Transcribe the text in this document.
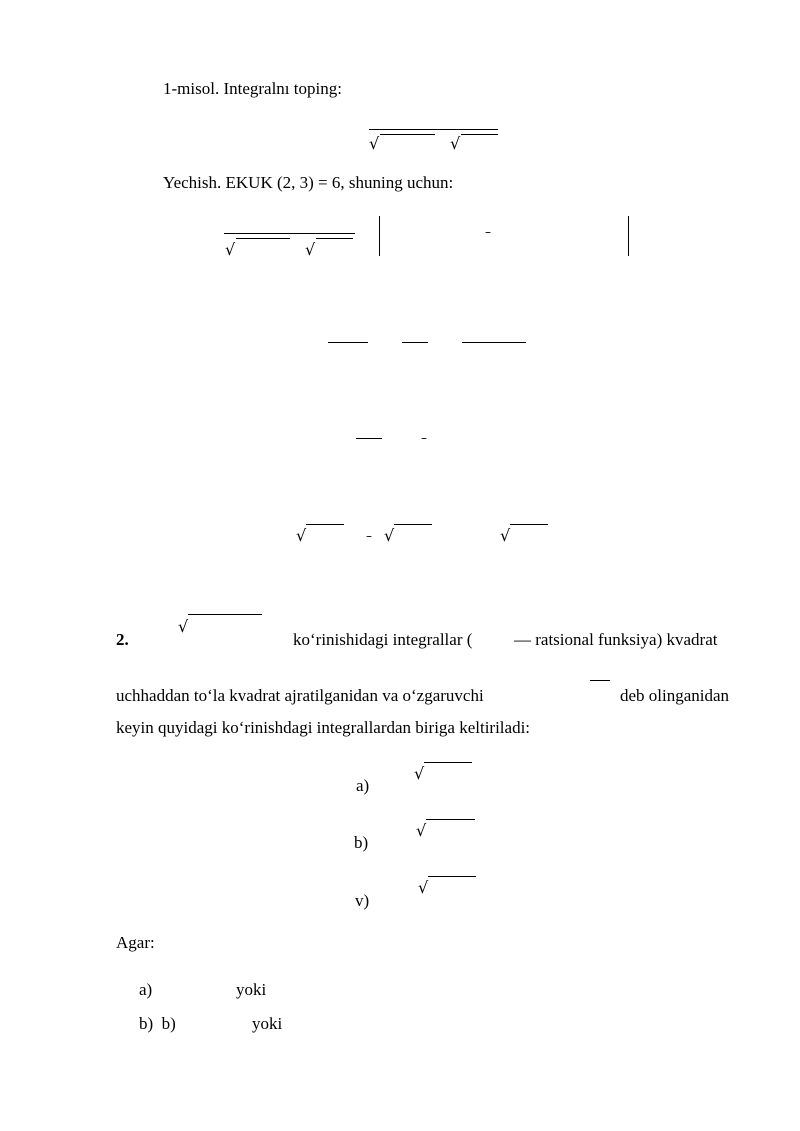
1-misol. Integralnı toping:
√	√
Yechish. EKUK (2, 3) = 6, shuning uchun:
√	√
–
–
√	– √	√
2.
√
ko‘rinishidagi integrallar ( — ratsional funksiya) kvadrat
uchhaddan to‘la kvadrat ajratilganidan va o‘zgaruvchi	deb olinganidan
keyin quyidagi ko‘rinishdagi integrallardan biriga keltiriladi:
a)
√
b)
√
v)
√
Agar:
a)	yoki
b)  b)	yoki
